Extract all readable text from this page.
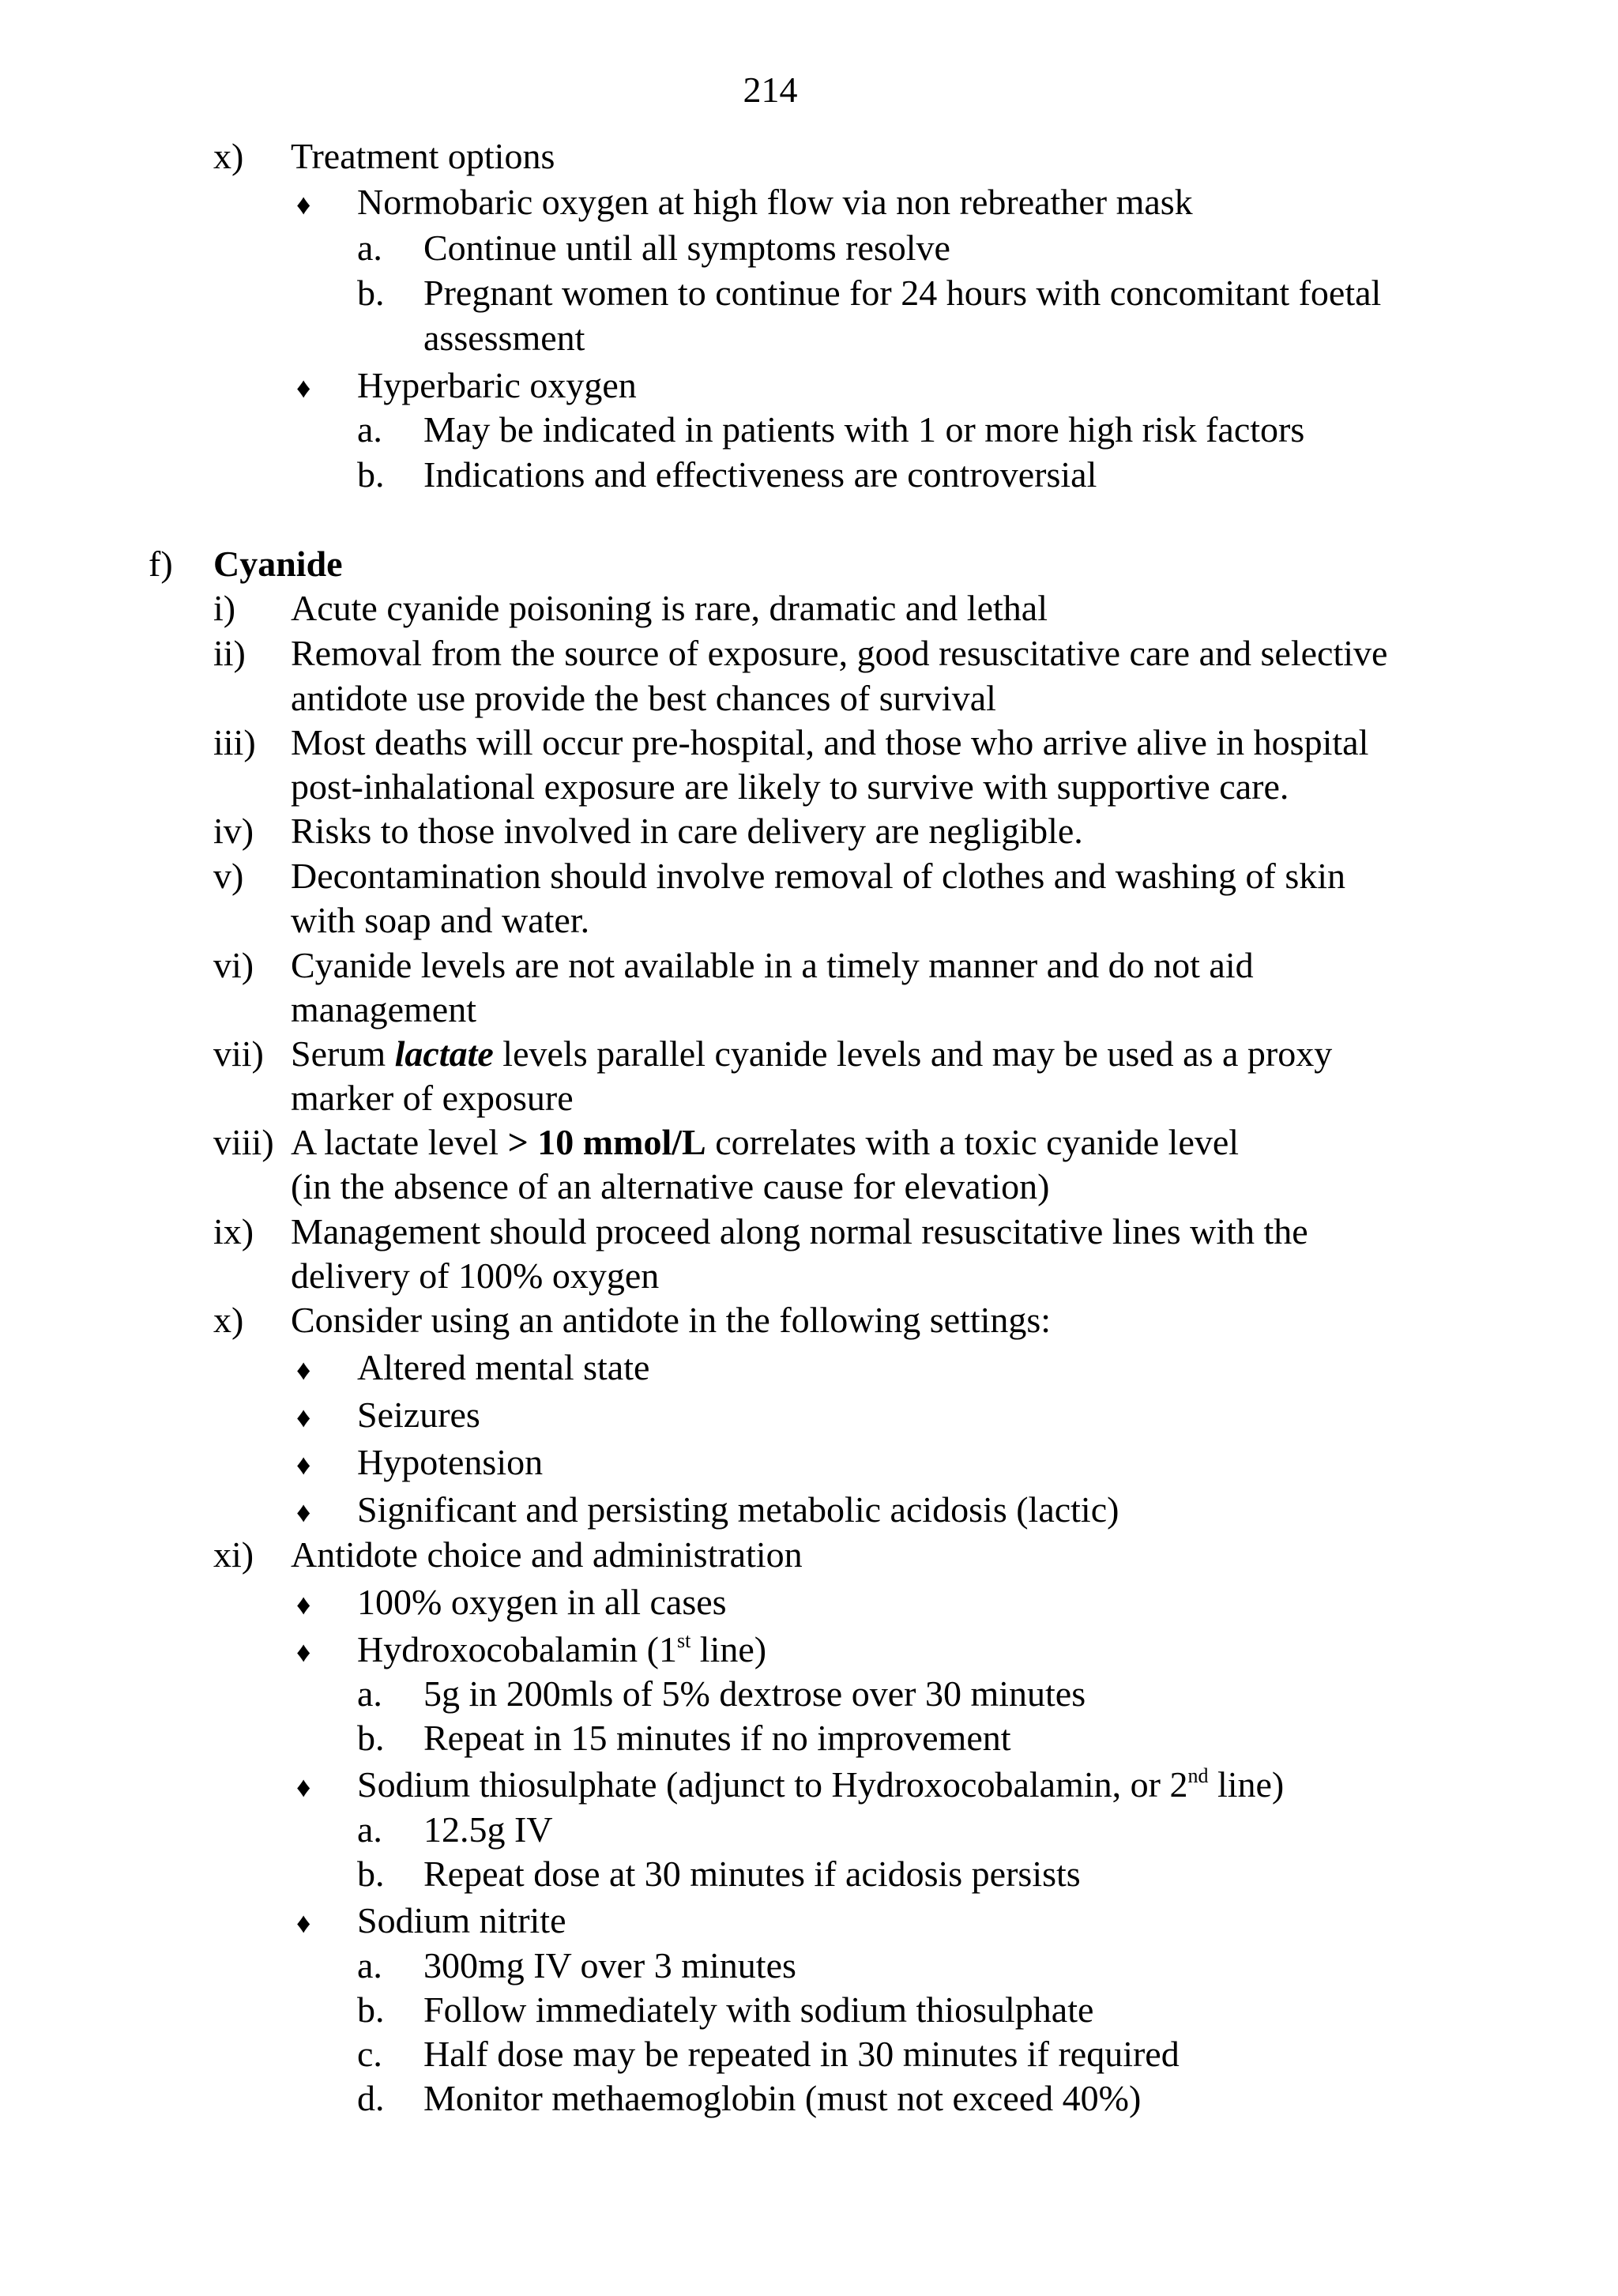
214
x) Treatment options
♦ Normobaric oxygen at high flow via non rebreather mask
a. Continue until all symptoms resolve
b. Pregnant women to continue for 24 hours with concomitant foetal
assessment
♦ Hyperbaric oxygen
a. May be indicated in patients with 1 or more high risk factors
b. Indications and effectiveness are controversial
f) Cyanide
i) Acute cyanide poisoning is rare, dramatic and lethal
ii) Removal from the source of exposure, good resuscitative care and selective
antidote use provide the best chances of survival
iii) Most deaths will occur pre-hospital, and those who arrive alive in hospital
post-inhalational exposure are likely to survive with supportive care.
iv) Risks to those involved in care delivery are negligible.
v) Decontamination should involve removal of clothes and washing of skin
with soap and water.
vi) Cyanide levels are not available in a timely manner and do not aid
management
vii) Serum lactate levels parallel cyanide levels and may be used as a proxy
marker of exposure
viii) A lactate level > 10 mmol/L correlates with a toxic cyanide level
(in the absence of an alternative cause for elevation)
ix) Management should proceed along normal resuscitative lines with the
delivery of 100% oxygen
x) Consider using an antidote in the following settings:
♦ Altered mental state
♦ Seizures
♦ Hypotension
♦ Significant and persisting metabolic acidosis (lactic)
xi) Antidote choice and administration
♦ 100% oxygen in all cases
♦ Hydroxocobalamin (1st line)
a. 5g in 200mls of 5% dextrose over 30 minutes
b. Repeat in 15 minutes if no improvement
♦ Sodium thiosulphate (adjunct to Hydroxocobalamin, or 2nd line)
a. 12.5g IV
b. Repeat dose at 30 minutes if acidosis persists
♦ Sodium nitrite
a. 300mg IV over 3 minutes
b. Follow immediately with sodium thiosulphate
c. Half dose may be repeated in 30 minutes if required
d. Monitor methaemoglobin (must not exceed 40%)
